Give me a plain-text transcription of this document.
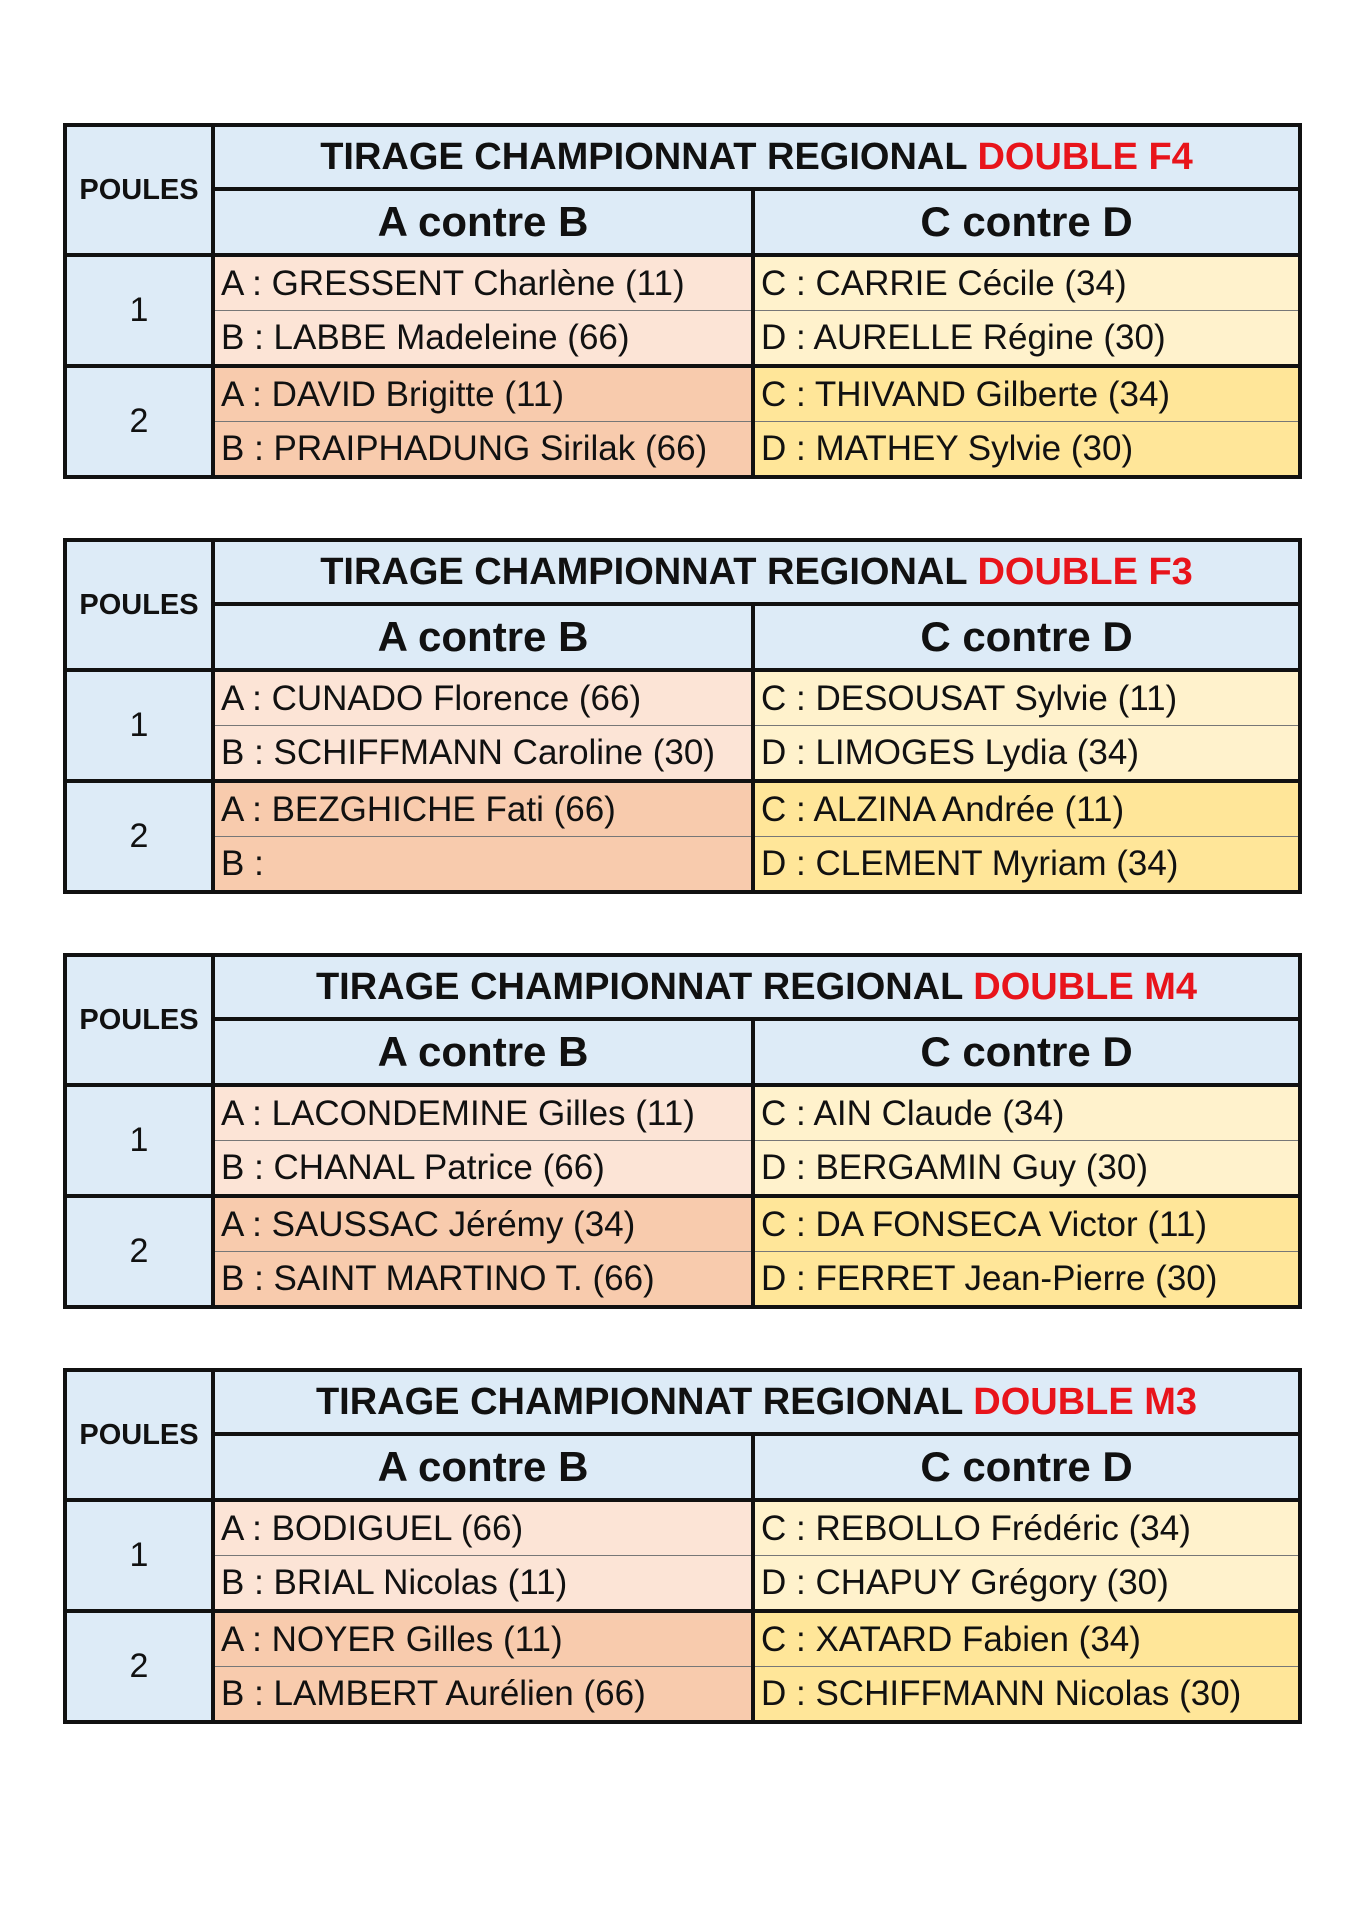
POULES	TIRAGE CHAMPIONNAT REGIONAL DOUBLE F4	
	A contre B	C contre D
1	A : GRESSENT Charlène (11)	C : CARRIE Cécile (34)
	B : LABBE Madeleine (66)	D : AURELLE Régine (30)
2	A : DAVID Brigitte (11)	C : THIVAND Gilberte (34)
	B : PRAIPHADUNG Sirilak (66)	D : MATHEY Sylvie (30)
POULES	TIRAGE CHAMPIONNAT REGIONAL DOUBLE F3	
	A contre B	C contre D
1	A : CUNADO Florence (66)	C : DESOUSAT Sylvie (11)
	B : SCHIFFMANN Caroline (30)	D : LIMOGES Lydia (34)
2	A : BEZGHICHE Fati (66)	C : ALZINA Andrée (11)
	B :	D : CLEMENT Myriam (34)
POULES	TIRAGE CHAMPIONNAT REGIONAL DOUBLE M4	
	A contre B	C contre D
1	A : LACONDEMINE Gilles (11)	C : AIN Claude (34)
	B : CHANAL Patrice (66)	D : BERGAMIN Guy (30)
2	A : SAUSSAC Jérémy (34)	C : DA FONSECA Victor (11)
	B : SAINT MARTINO T. (66)	D : FERRET Jean-Pierre (30)
POULES	TIRAGE CHAMPIONNAT REGIONAL DOUBLE M3	
	A contre B	C contre D
1	A : BODIGUEL (66)	C : REBOLLO Frédéric (34)
	B : BRIAL Nicolas (11)	D : CHAPUY Grégory (30)
2	A : NOYER Gilles (11)	C : XATARD Fabien (34)
	B : LAMBERT Aurélien (66)	D : SCHIFFMANN Nicolas (30)
